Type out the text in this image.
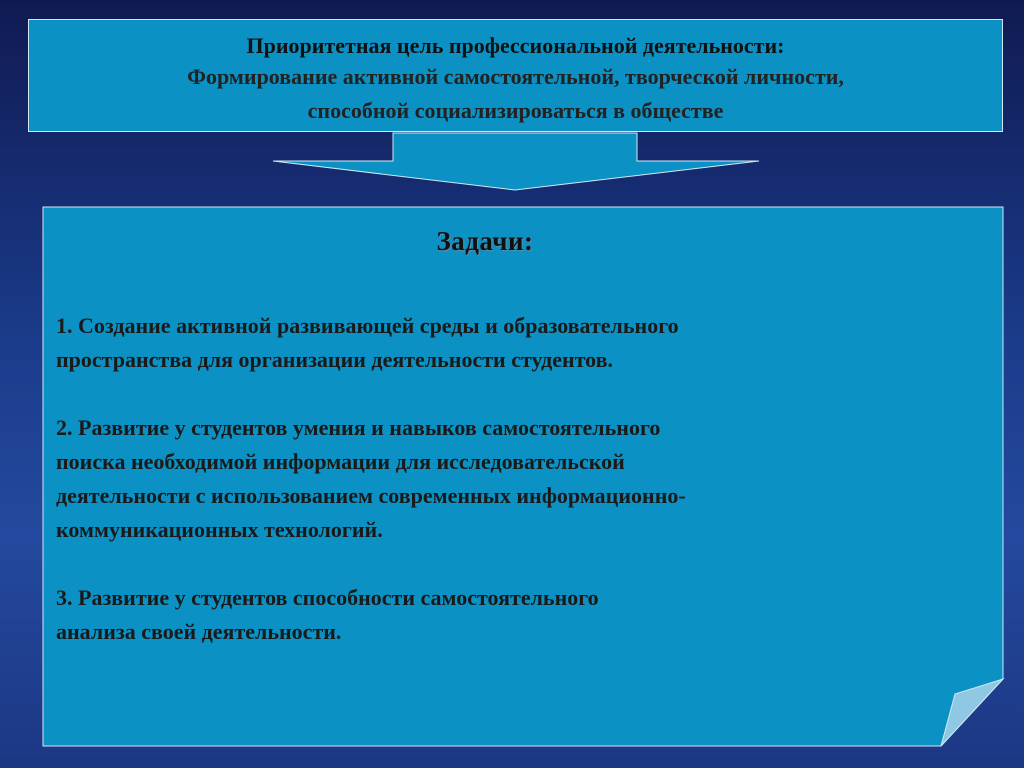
Приоритетная цель профессиональной деятельности:
Формирование активной самостоятельной, творческой личности,
способной социализироваться в обществе
Задачи:

1. Создание активной развивающей среды и образовательного

пространства для организации деятельности студентов.

2. Развитие у студентов умения и навыков самостоятельного

поиска необходимой информации для исследовательской

деятельности с использованием современных информационно-

коммуникационных технологий.

3. Развитие у студентов способности самостоятельного

анализа своей деятельности.
